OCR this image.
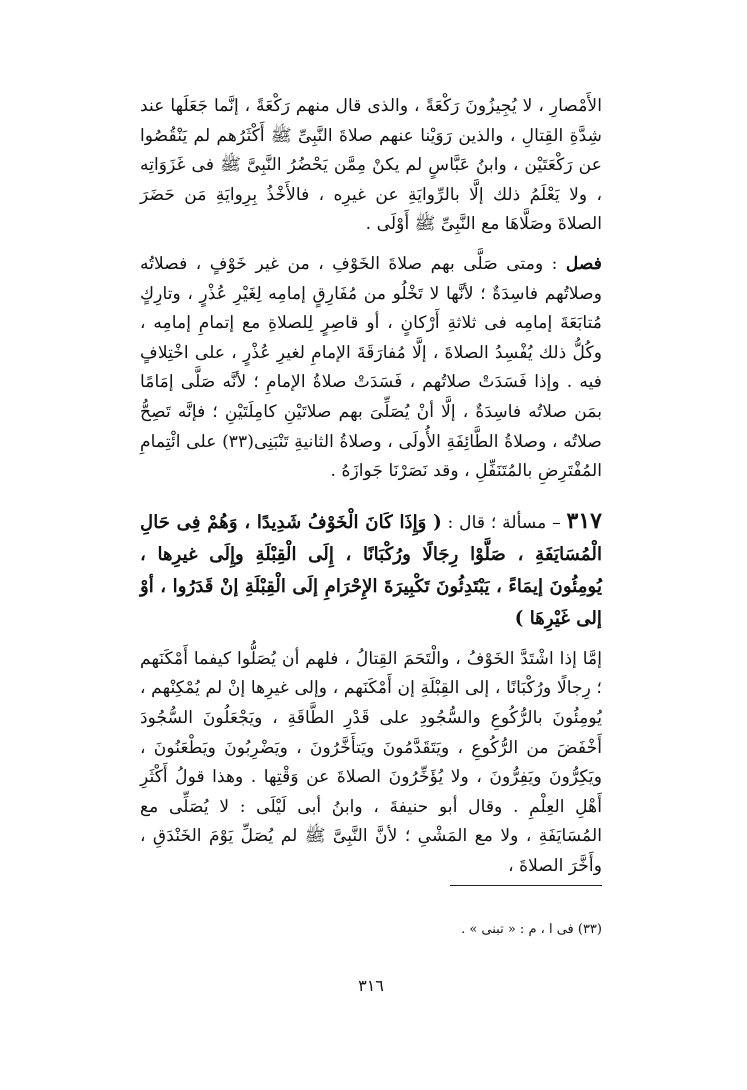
الأَمْصارِ ، لا يُجِيزُونَ رَكْعَةً ، والذى قال منهم رَكْعَةً ، إنَّما جَعَلَها عند شِدَّةِ القِتالِ ، والذين رَوَيْنا عنهم صلاةَ النَّبِىِّ ﷺ أَكْثَرُهم لم يَنْقُصُوا عن رَكْعَتَيْن ، وابنُ عَبَّاسٍ لم يكنْ مِمَّن يَحْضُرُ النَّبِىَّ ﷺ فى غَزَوَاتِه ، ولا يَعْلَمُ ذلك إلَّا بالرِّوايَةِ عن غيرِه ، فالأَخْذُ بِرِوايَةِ مَن حَضَرَ الصلاةَ وصَلَّاهَا مع النَّبِىِّ ﷺ أَوْلَى .

فصل : ومتى صَلَّى بهم صلاةَ الخَوْفِ ، من غير خَوْفٍ ، فصلاتُه وصلاتُهم فاسِدَةٌ ؛ لأنَّها لا تَخْلُو من مُفَارِقٍ إمامِه لِغَيْرِ عُذْرٍ ، وتارِكٍ مُتابَعَةَ إمامِه فى ثلاثةِ أَرْكانٍ ، أو قاصِرٍ لِلصلاةِ مع إتمامِ إمامِه ، وكُلُّ ذلك يُفْسِدُ الصلاةَ ، إلَّا مُفارَقَةَ الإمامِ لغيرِ عُذْرٍ ، على اخْتِلافٍ فيه . وإذا فَسَدَتْ صلاتُهم ، فَسَدَتْ صلاةُ الإمامِ ؛ لأنَّه صَلَّى إمَامًا بمَن صلاتُه فاسِدَةٌ ، إلَّا أنْ يُصَلِّىَ بهم صلاتَيْنِ كامِلَتَيْنِ ؛ فإنَّه تَصِحُّ صلاتُه ، وصلاةُ الطَّائِفَةِ الأُولَى ، وصلاةُ الثانيةِ تَنْبَنِى(٣٣) على ائْتِمامِ المُفْتَرِضِ بالمُتَنَفِّلِ ، وقد نَصَرْنَا جَوازَهُ .

٣١٧ – مسألة ؛ قال : ( وَإِذَا كَانَ الْخَوْفُ شَدِيدًا ، وَهُمْ فِى حَالِ الْمُسَايَفَةِ ، صَلَّوْا رِجَالًا ورُكْبَانًا ، إِلَى الْقِبْلَةِ وإِلَى غيرِها ، يُومِئُونَ إيمَاءً ، يَبْتَدِئُونَ تَكْبِيرَةَ الإِحْرَامِ إلَى الْقِبْلَةِ إنْ قَدَرُوا ، أوْ إلى غَيْرِهَا )

إمَّا إذا اشْتَدَّ الخَوْفُ ، والْتَحَمَ القِتالُ ، فلهم أن يُصَلُّوا كيفما أَمْكَنَهم ؛ رِجالًا ورُكْبَانًا ، إلى القِبْلَةِ إن أَمْكَنَهم ، وإلى غيرِها إنْ لم يُمْكِنْهم ، يُومِئُونَ بالرُّكُوعِ والسُّجُودِ على قَدْرِ الطَّاقَةِ ، ويَجْعَلُونَ السُّجُودَ أَخْفَضَ من الرُّكُوعِ ، ويَتَقَدَّمُونَ ويَتأَخَّرُونَ ، ويَضْرِبُونَ ويَطْعَنُونَ ، ويَكِرُّونَ ويَفِرُّونَ ، ولا يُؤَخِّرُونَ الصلاةَ عن وَقْتِها . وهذا قولُ أَكْثَرِ أَهْلِ العِلْمِ . وقال أبو حنيفةَ ، وابنُ أبى لَيْلَى : لا يُصَلِّى مع المُسَايَفَةِ ، ولا مع المَشْىِ ؛ لأنَّ النَّبِىَّ ﷺ لم يُصَلِّ يَوْمَ الخَنْدَقِ ، وأَخَّرَ الصلاةَ ،

(٣٣) فى ا ، م : « تبنى » .
٣١٦
